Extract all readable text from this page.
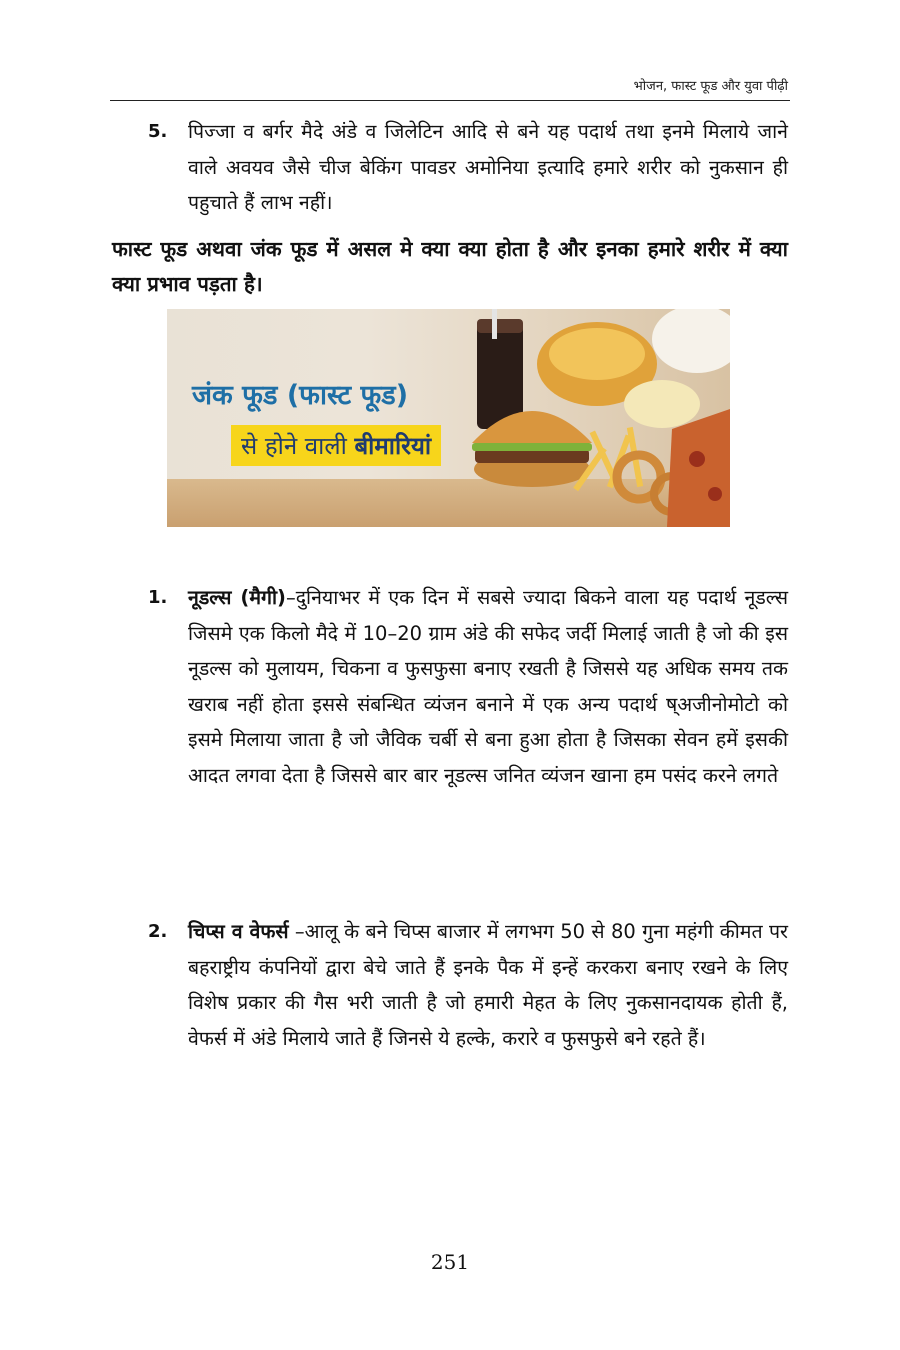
भोजन, फास्ट फूड और युवा पीढ़ी
5. पिज्जा व बर्गर मैदे अंडे व जिलेटिन आदि से बने यह पदार्थ तथा इनमे मिलाये जाने वाले अवयव जैसे चीज बेकिंग पावडर अमोनिया इत्यादि हमारे शरीर को नुकसान ही पहुचाते हैं लाभ नहीं।
फास्ट फूड अथवा जंक फूड में असल मे क्या क्या होता है और इनका हमारे शरीर में क्या क्या प्रभाव पड़ता है।
जंक फूड (फास्ट फूड)
से होने वाली बीमारियां
1. नूडल्स (मैगी)–दुनियाभर में एक दिन में सबसे ज्यादा बिकने वाला यह पदार्थ नूडल्स जिसमे एक किलो मैदे में 10–20 ग्राम अंडे की सफेद जर्दी मिलाई जाती है जो की इस नूडल्स को मुलायम, चिकना व फुसफुसा बनाए रखती है जिससे यह अधिक समय तक खराब नहीं होता इससे संबन्धित व्यंजन बनाने में एक अन्य पदार्थ ष्अजीनोमोटो को इसमे मिलाया जाता है जो जैविक चर्बी से बना हुआ होता है जिसका सेवन हमें इसकी आदत लगवा देता है जिससे बार बार नूडल्स जनित व्यंजन खाना हम पसंद करने लगते
2. चिप्स व वेफर्स –आलू के बने चिप्स बाजार में लगभग 50 से 80 गुना महंगी कीमत पर बहराष्ट्रीय कंपनियों द्वारा बेचे जाते हैं इनके पैक में इन्हें करकरा बनाए रखने के लिए विशेष प्रकार की गैस भरी जाती है जो हमारी मेहत के लिए नुकसानदायक होती हैं, वेफर्स में अंडे मिलाये जाते हैं जिनसे ये हल्के, करारे व फुसफुसे बने रहते हैं।
251
